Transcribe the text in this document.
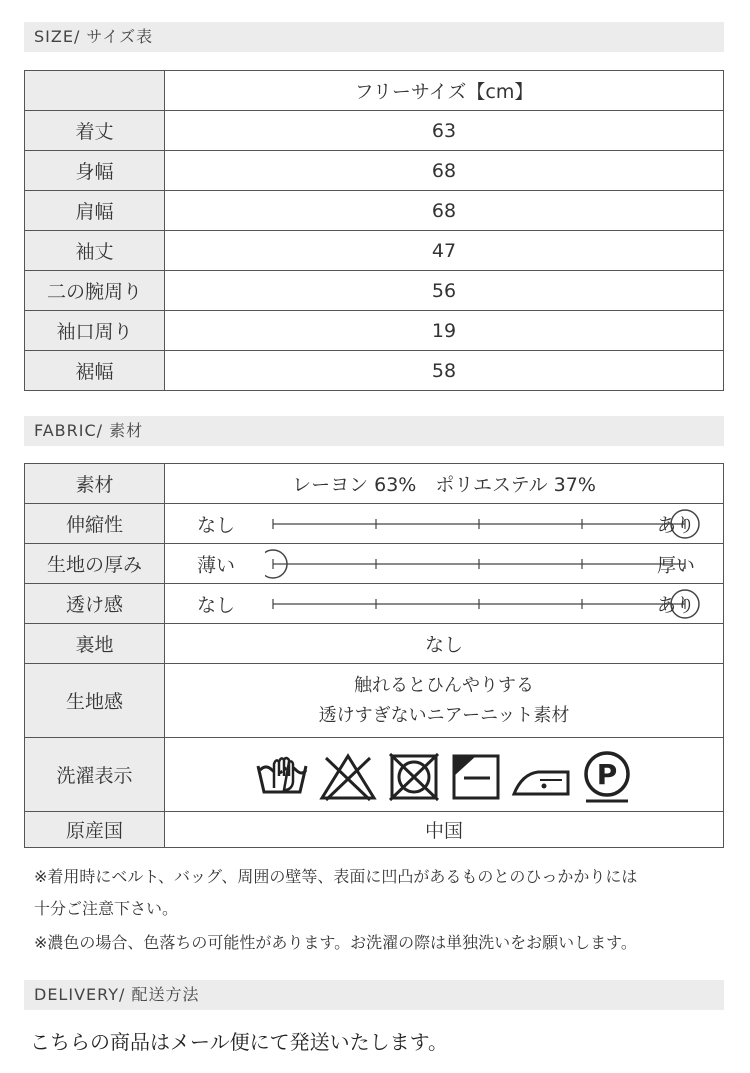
SIZE/ サイズ表
	フリーサイズ【cm】
着丈	63
身幅	68
肩幅	68
袖丈	47
二の腕周り	56
袖口周り	19
裾幅	58
FABRIC/ 素材
素材	レーヨン 63%　ポリエステル 37%
伸縮性	なし あり

生地の厚み	薄い 厚い

透け感	なし あり

裏地	なし
生地感	触れるとひんやりする
透けすぎないニアーニット素材

洗濯表示	P

原産国	中国
※着用時にベルト、バッグ、周囲の壁等、表面に凹凸があるものとのひっかかりには
十分ご注意下さい。
※濃色の場合、色落ちの可能性があります。お洗濯の際は単独洗いをお願いします。
DELIVERY/ 配送方法
こちらの商品はメール便にて発送いたします。
